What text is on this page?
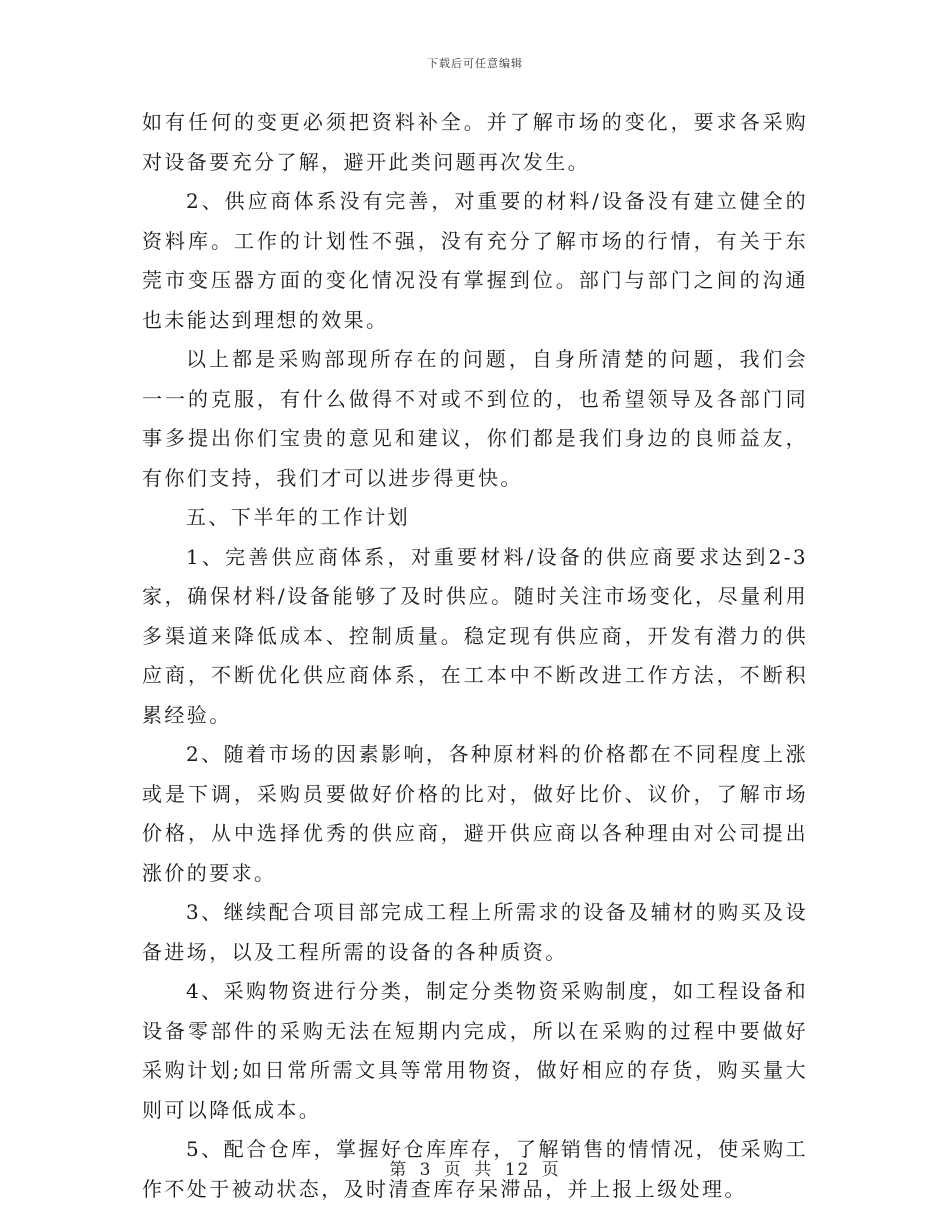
下载后可任意编辑

如有任何的变更必须把资料补全。并了解市场的变化，要求各采购对设备要充分了解，避开此类问题再次发生。

2、供应商体系没有完善，对重要的材料/设备没有建立健全的资料库。工作的计划性不强，没有充分了解市场的行情，有关于东莞市变压器方面的变化情况没有掌握到位。部门与部门之间的沟通也未能达到理想的效果。

以上都是采购部现所存在的问题，自身所清楚的问题，我们会一一的克服，有什么做得不对或不到位的，也希望领导及各部门同事多提出你们宝贵的意见和建议，你们都是我们身边的良师益友，有你们支持，我们才可以进步得更快。

五、下半年的工作计划

1、完善供应商体系，对重要材料/设备的供应商要求达到2-3家，确保材料/设备能够了及时供应。随时关注市场变化，尽量利用多渠道来降低成本、控制质量。稳定现有供应商，开发有潜力的供应商，不断优化供应商体系，在工本中不断改进工作方法，不断积累经验。

2、随着市场的因素影响，各种原材料的价格都在不同程度上涨或是下调，采购员要做好价格的比对，做好比价、议价，了解市场价格，从中选择优秀的供应商，避开供应商以各种理由对公司提出涨价的要求。

3、继续配合项目部完成工程上所需求的设备及辅材的购买及设备进场，以及工程所需的设备的各种质资。

4、采购物资进行分类，制定分类物资采购制度，如工程设备和设备零部件的采购无法在短期内完成，所以在采购的过程中要做好采购计划;如日常所需文具等常用物资，做好相应的存货，购买量大则可以降低成本。

5、配合仓库，掌握好仓库库存，了解销售的情情况，使采购工作不处于被动状态，及时清查库存呆滞品，并上报上级处理。

第 3 页 共 12 页
